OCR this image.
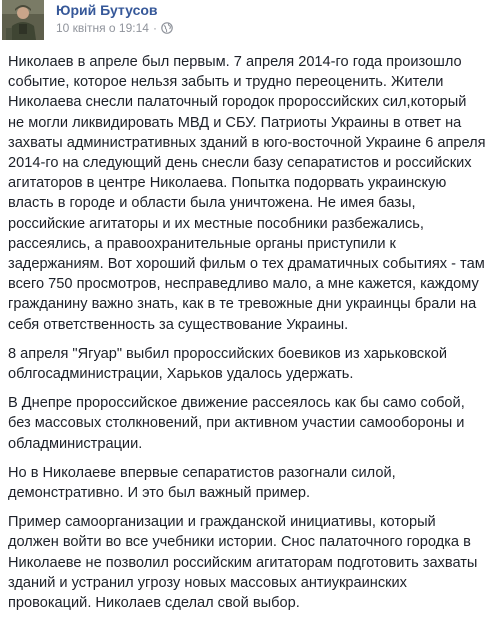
Юрий Бутусов
10 квітня о 19:14 ·

Николаев в апреле был первым. 7 апреля 2014-го года произошло событие, которое нельзя забыть и трудно переоценить. Жители Николаева снесли палаточный городок пророссийских сил,который не могли ликвидировать МВД и СБУ. Патриоты Украины в ответ на захваты административных зданий в юго-восточной Украине 6 апреля 2014-го на следующий день снесли базу сепаратистов и российских агитаторов в центре Николаева. Попытка подорвать украинскую власть в городе и области была уничтожена. Не имея базы, российские агитаторы и их местные пособники разбежались, рассеялись, а правоохранительные органы приступили к задержаниям. Вот хороший фильм о тех драматичных событиях - там всего 750 просмотров, несправедливо мало, а мне кажется, каждому гражданину важно знать, как в те тревожные дни украинцы брали на себя ответственность за существование Украины.

8 апреля "Ягуар" выбил пророссийских боевиков из харьковской облгосадминистрации, Харьков удалось удержать.

В Днепре пророссийское движение рассеялось как бы само собой, без массовых столкновений, при активном участии самообороны и обладминистрации.

Но в Николаеве впервые сепаратистов разогнали силой, демонстративно. И это был важный пример.

Пример самоорганизации и гражданской инициативы, который должен войти во все учебники истории. Снос палаточного городка в Николаеве не позволил российским агитаторам подготовить захваты зданий и устранил угрозу новых массовых антиукраинских провокаций. Николаев сделал свой выбор.
